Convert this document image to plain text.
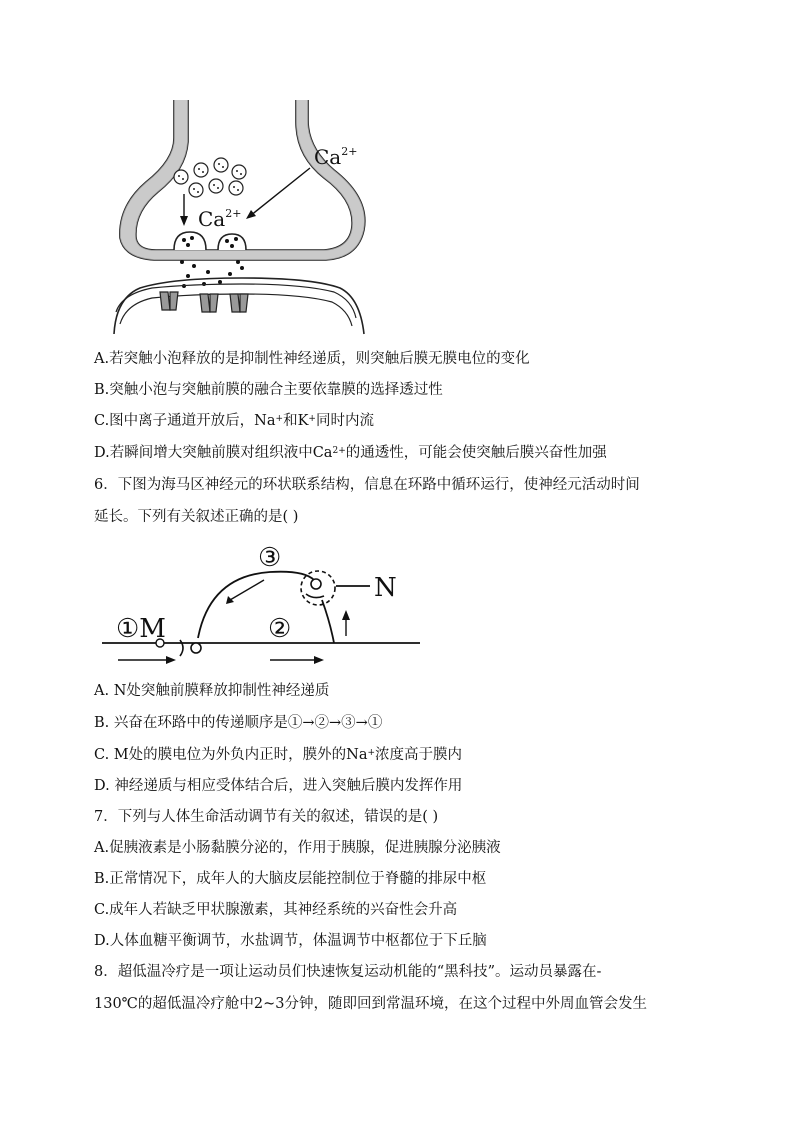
$Ca^{2+}$
$Ca^{2+}$
A.若突触小泡释放的是抑制性神经递质，则突触后膜无膜电位的变化
B.突触小泡与突触前膜的融合主要依靠膜的选择透过性
C.图中离子通道开放后，Na+和K+同时内流
D.若瞬间增大突触前膜对组织液中$Ca^{2+}$的通透性，可能会使突触后膜兴奋性加强
6．下图为海马区神经元的环状联系结构，信息在环路中循环运行，使神经元活动时间
延长。下列有关叙述正确的是( )
①M	②
③
N
A. N处突触前膜释放抑制性神经递质
B. 兴奋在环路中的传递顺序是①→②→③→①
C. M处的膜电位为外负内正时，膜外的Na+浓度高于膜内
D. 神经递质与相应受体结合后，进入突触后膜内发挥作用
7．下列与人体生命活动调节有关的叙述，错误的是( )
A.促胰液素是小肠黏膜分泌的，作用于胰腺，促进胰腺分泌胰液
B.正常情况下，成年人的大脑皮层能控制位于脊髓的排尿中枢
C.成年人若缺乏甲状腺激素，其神经系统的兴奋性会升高
D.人体血糖平衡调节，水盐调节，体温调节中枢都位于下丘脑
8．超低温冷疗是一项让运动员们快速恢复运动机能的“黑科技”。运动员暴露在-
130℃的超低温冷疗舱中2~3分钟，随即回到常温环境，在这个过程中外周血管会发生
